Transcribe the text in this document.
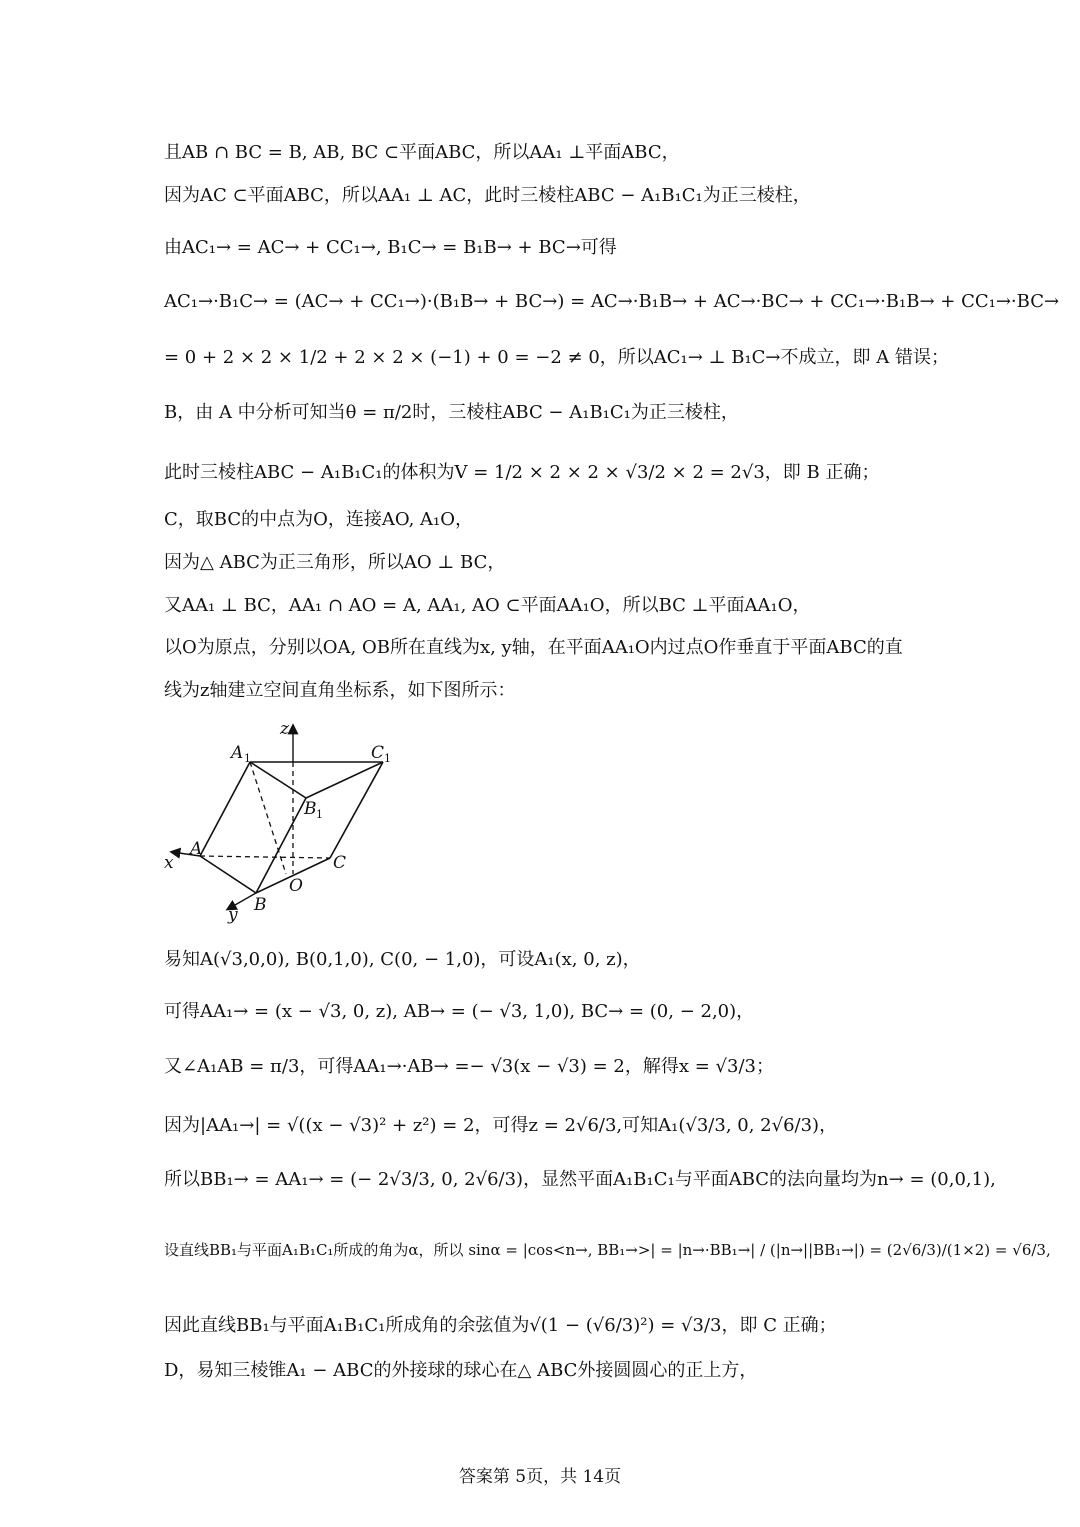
且AB ∩ BC = B, AB, BC ⊂平面ABC，所以AA₁ ⊥平面ABC，
因为AC ⊂平面ABC，所以AA₁ ⊥ AC，此时三棱柱ABC − A₁B₁C₁为正三棱柱，
由AC₁→ = AC→ + CC₁→, B₁C→ = B₁B→ + BC→可得
AC₁→·B₁C→ = (AC→ + CC₁→)·(B₁B→ + BC→) = AC→·B₁B→ + AC→·BC→ + CC₁→·B₁B→ + CC₁→·BC→
= 0 + 2 × 2 × 1/2 + 2 × 2 × (−1) + 0 = −2 ≠ 0，所以AC₁→ ⊥ B₁C→不成立，即 A 错误；
B，由 A 中分析可知当θ = π/2时，三棱柱ABC − A₁B₁C₁为正三棱柱，
此时三棱柱ABC − A₁B₁C₁的体积为V = 1/2 × 2 × 2 × √3/2 × 2 = 2√3，即 B 正确；
C，取BC的中点为O，连接AO, A₁O，
因为△ ABC为正三角形，所以AO ⊥ BC，
又AA₁ ⊥ BC，AA₁ ∩ AO = A, AA₁, AO ⊂平面AA₁O，所以BC ⊥平面AA₁O，
以O为原点，分别以OA, OB所在直线为x, y轴，在平面AA₁O内过点O作垂直于平面ABC的直
线为z轴建立空间直角坐标系，如下图所示：
z
x
y
A
B
C
O
A 1
B 1
C 1
易知A(√3,0,0), B(0,1,0), C(0, − 1,0)，可设A₁(x, 0, z)，
可得AA₁→ = (x − √3, 0, z), AB→ = (− √3, 1,0), BC→ = (0, − 2,0)，
又∠A₁AB = π/3，可得AA₁→·AB→ =− √3(x − √3) = 2，解得x = √3/3；
因为|AA₁→| = √((x − √3)² + z²) = 2，可得z = 2√6/3,可知A₁(√3/3, 0, 2√6/3)，
所以BB₁→ = AA₁→ = (− 2√3/3, 0, 2√6/3)，显然平面A₁B₁C₁与平面ABC的法向量均为n→ = (0,0,1),
设直线BB₁与平面A₁B₁C₁所成的角为α，所以 sinα = |cos<n→, BB₁→>| = |n→·BB₁→| / (|n→||BB₁→|) = (2√6/3)/(1×2) = √6/3,
因此直线BB₁与平面A₁B₁C₁所成角的余弦值为√(1 − (√6/3)²) = √3/3，即 C 正确；
D，易知三棱锥A₁ − ABC的外接球的球心在△ ABC外接圆圆心的正上方，
答案第 5页，共 14页
